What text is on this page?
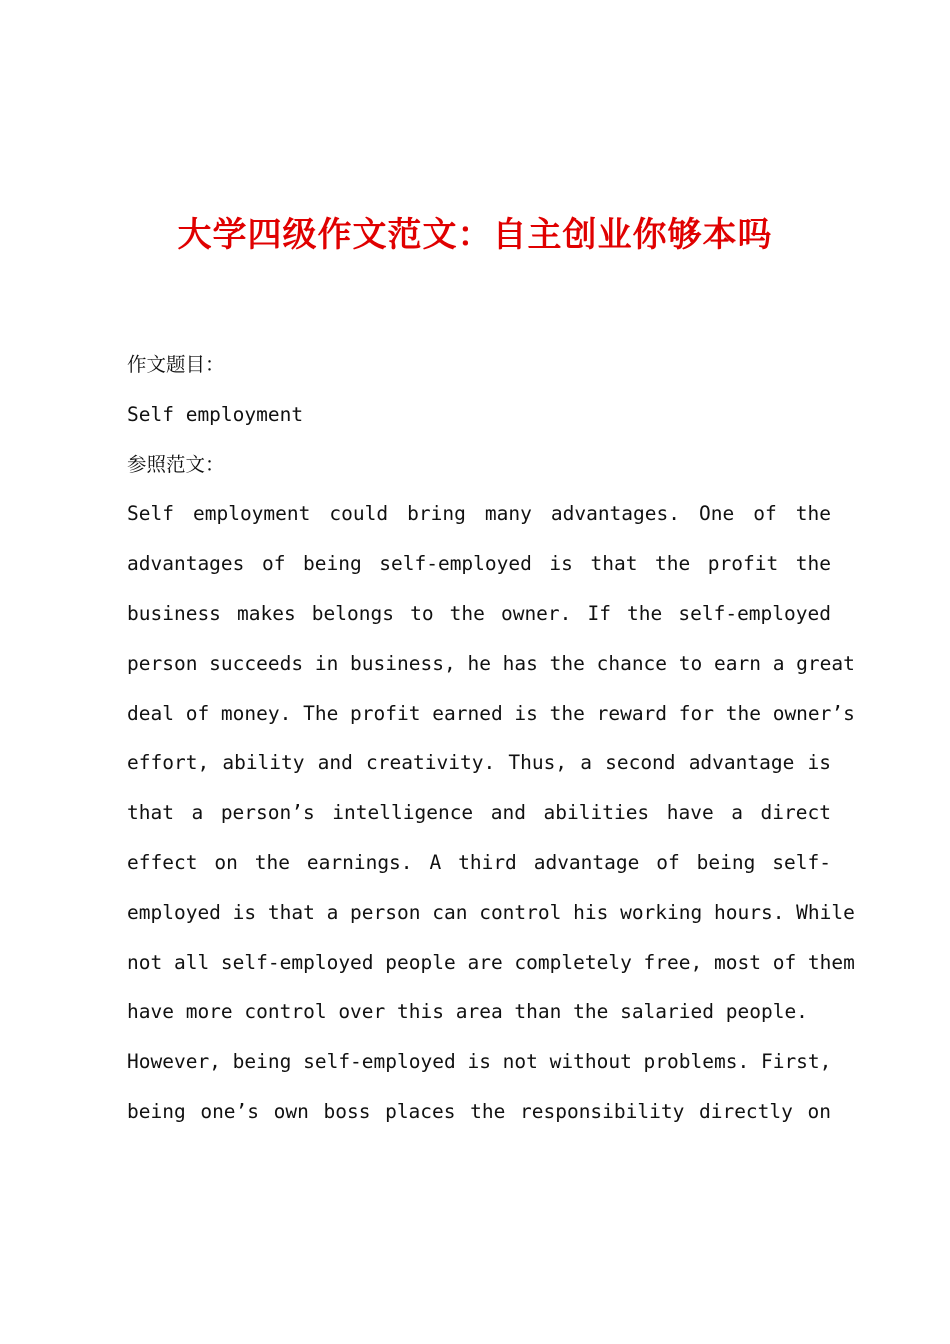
大学四级作文范文：自主创业你够本吗
作文题目：
Self employment
参照范文：
Self employment could bring many advantages. One of the
advantages of being self-employed is that the profit the
business makes belongs to the owner. If the self-employed
person succeeds in business, he has the chance to earn a great
deal of money. The profit earned is the reward for the owner’s
effort, ability and creativity. Thus, a second advantage is
that a person’s intelligence and abilities have a direct
effect on the earnings. A third advantage of being self-
employed is that a person can control his working hours. While
not all self-employed people are completely free, most of them
have more control over this area than the salaried people.
However, being self-employed is not without problems. First,
being one’s own boss places the responsibility directly on
